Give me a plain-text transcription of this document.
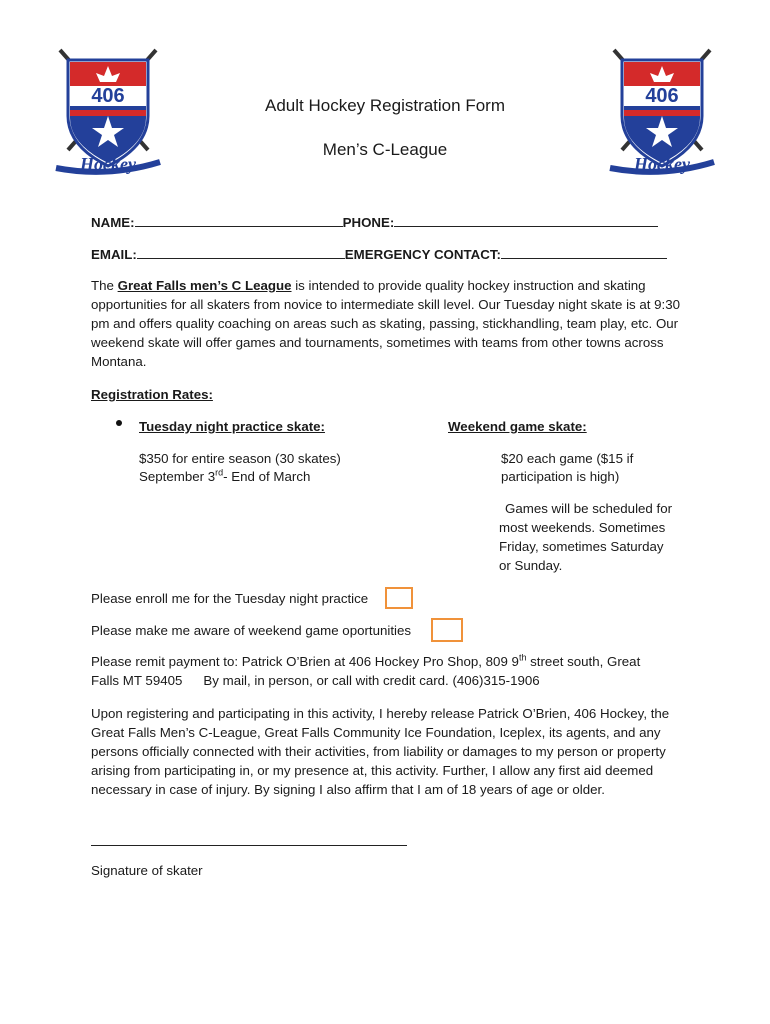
406
Hockey
406
Hockey
Adult Hockey Registration Form
Men’s C-League
NAME:	PHONE:
EMAIL:	EMERGENCY CONTACT:
The Great Falls men’s C League is intended to provide quality hockey instruction and skating opportunities for all skaters from novice to intermediate skill level. Our Tuesday night skate is at 9:30 pm and offers quality coaching on areas such as skating, passing, stickhandling, team play, etc. Our weekend skate will offer games and tournaments, sometimes with teams from other towns across Montana.
Registration Rates:
Tuesday night practice skate:
$350 for entire season (30 skates)
September 3rd- End of March
Weekend game skate:
$20 each game ($15 if
participation is high)
Games will be scheduled for
most weekends. Sometimes
Friday, sometimes Saturday
or Sunday.
Please enroll me for the Tuesday night practice
Please make me aware of weekend game oportunities
Please remit payment to: Patrick O’Brien at 406 Hockey Pro Shop, 809 9th street south, Great
Falls MT 59405 By mail, in person, or call with credit card. (406)315-1906
Upon registering and participating in this activity, I hereby release Patrick O’Brien, 406 Hockey, the Great Falls Men’s C-League, Great Falls Community Ice Foundation, Iceplex, its agents, and any persons officially connected with their activities, from liability or damages to my person or property arising from participating in, or my presence at, this activity. Further, I allow any first aid deemed necessary in case of injury. By signing I also affirm that I am of 18 years of age or older.
Signature of skater
